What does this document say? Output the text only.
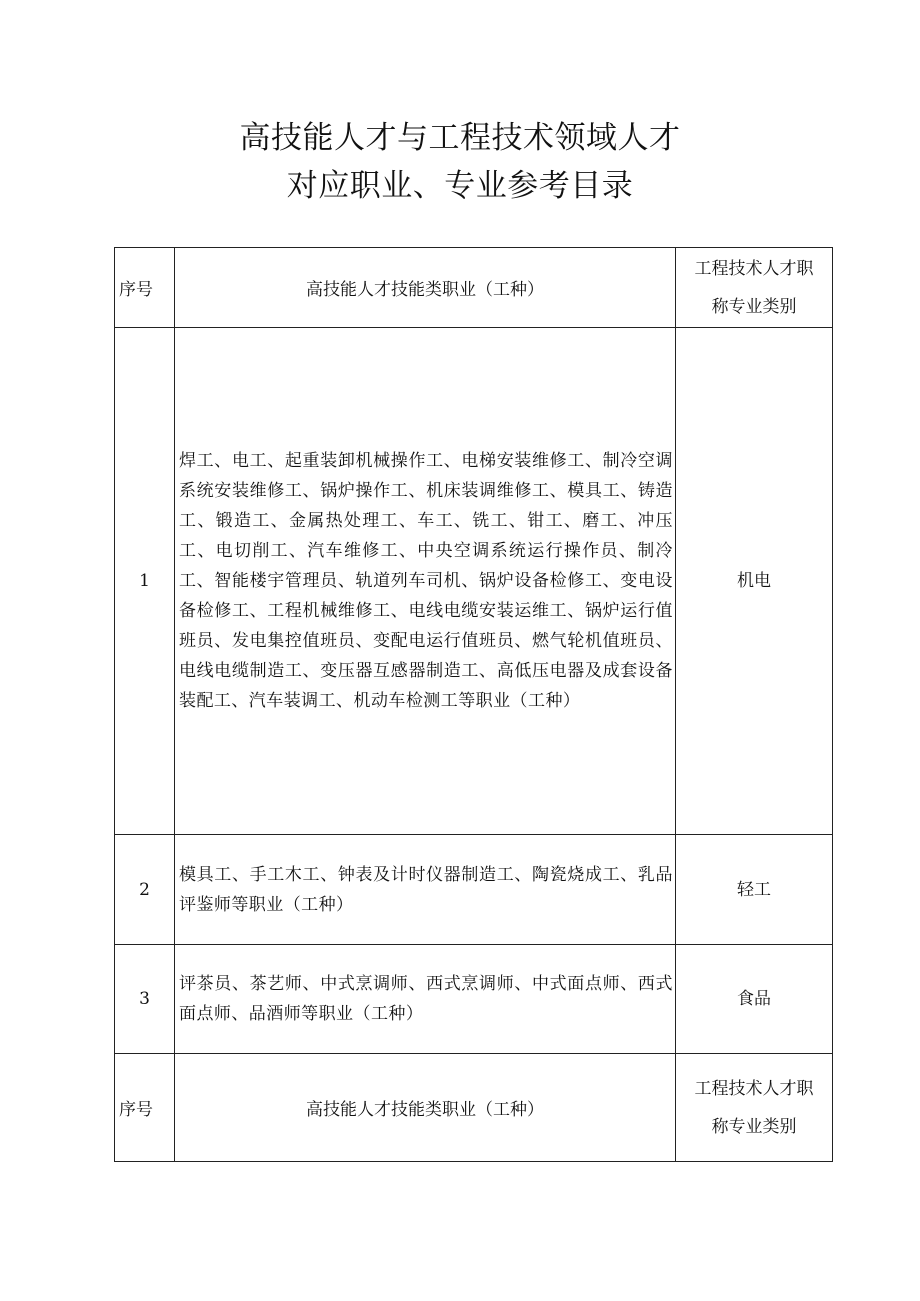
高技能人才与工程技术领域人才
对应职业、专业参考目录
序号	高技能人才技能类职业（工种）	工程技术人才职
称专业类别
1	焊工、电工、起重装卸机械操作工、电梯安装维修工、制冷空调系统安装维修工、锅炉操作工、机床装调维修工、模具工、铸造工、锻造工、金属热处理工、车工、铣工、钳工、磨工、冲压工、电切削工、汽车维修工、中央空调系统运行操作员、制冷工、智能楼宇管理员、轨道列车司机、锅炉设备检修工、变电设备检修工、工程机械维修工、电线电缆安装运维工、锅炉运行值班员、发电集控值班员、变配电运行值班员、燃气轮机值班员、电线电缆制造工、变压器互感器制造工、高低压电器及成套设备装配工、汽车装调工、机动车检测工等职业（工种）	机电
2	模具工、手工木工、钟表及计时仪器制造工、陶瓷烧成工、乳品评鉴师等职业（工种）	轻工
3	评茶员、茶艺师、中式烹调师、西式烹调师、中式面点师、西式面点师、品酒师等职业（工种）	食品
序号	高技能人才技能类职业（工种）	工程技术人才职
称专业类别
